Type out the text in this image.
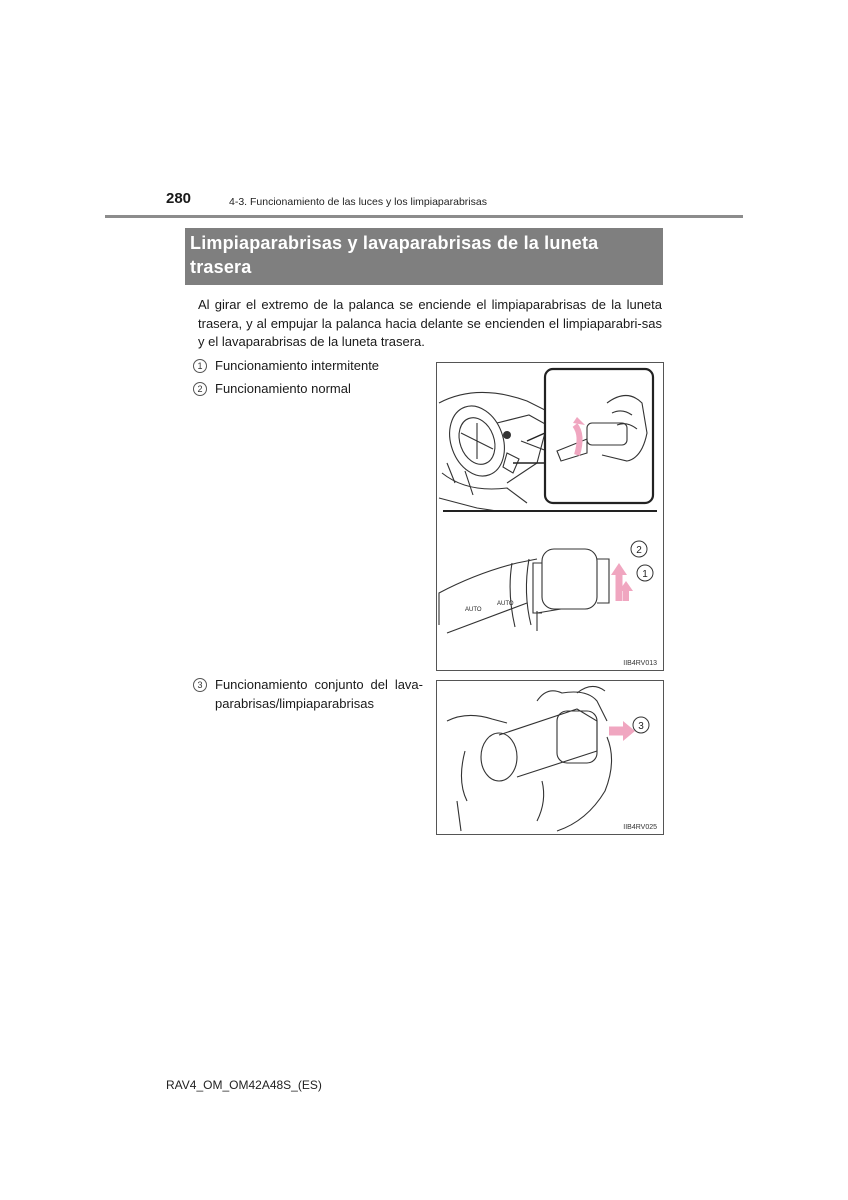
280	4-3. Funcionamiento de las luces y los limpiaparabrisas
Limpiaparabrisas y lavaparabrisas de la luneta
trasera
Al girar el extremo de la palanca se enciende el limpiaparabrisas de la luneta trasera, y al empujar la palanca hacia delante se encienden el limpiaparabri-sas y el lavaparabrisas de la luneta trasera.
1 Funcionamiento intermitente
2 Funcionamiento normal
3 Funcionamiento conjunto del lava-parabrisas/limpiaparabrisas
AUTO
AUTO
2
1
IIB4RV013
3
IIB4RV025
RAV4_OM_OM42A48S_(ES)
